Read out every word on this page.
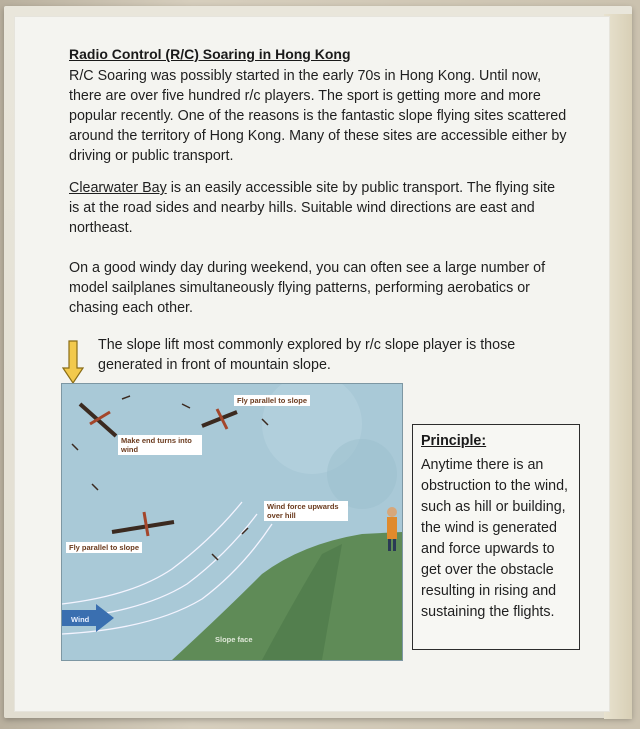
Radio Control (R/C) Soaring in Hong Kong
R/C Soaring was possibly started in the early 70s in Hong Kong. Until now, there are over five hundred r/c players. The sport is getting more and more popular recently. One of the reasons is the fantastic slope flying sites scattered around the territory of Hong Kong. Many of these sites are accessible either by driving or public transport.
Clearwater Bay is an easily accessible site by public transport. The flying site is at the road sides and nearby hills. Suitable wind directions are east and northeast.
On a good windy day during weekend, you can often see a large number of model sailplanes simultaneously flying patterns, performing aerobatics or chasing each other.
The slope lift most commonly explored by r/c slope player is those generated in front of mountain slope.
Fly parallel to slope
Make end turns into wind
Wind force upwards over hill
Fly parallel to slope
Wind
Slope face
Principle:
Anytime there is an obstruction to the wind, such as hill or building, the wind is generated and force upwards to get over the obstacle resulting in rising and sustaining the flights.
